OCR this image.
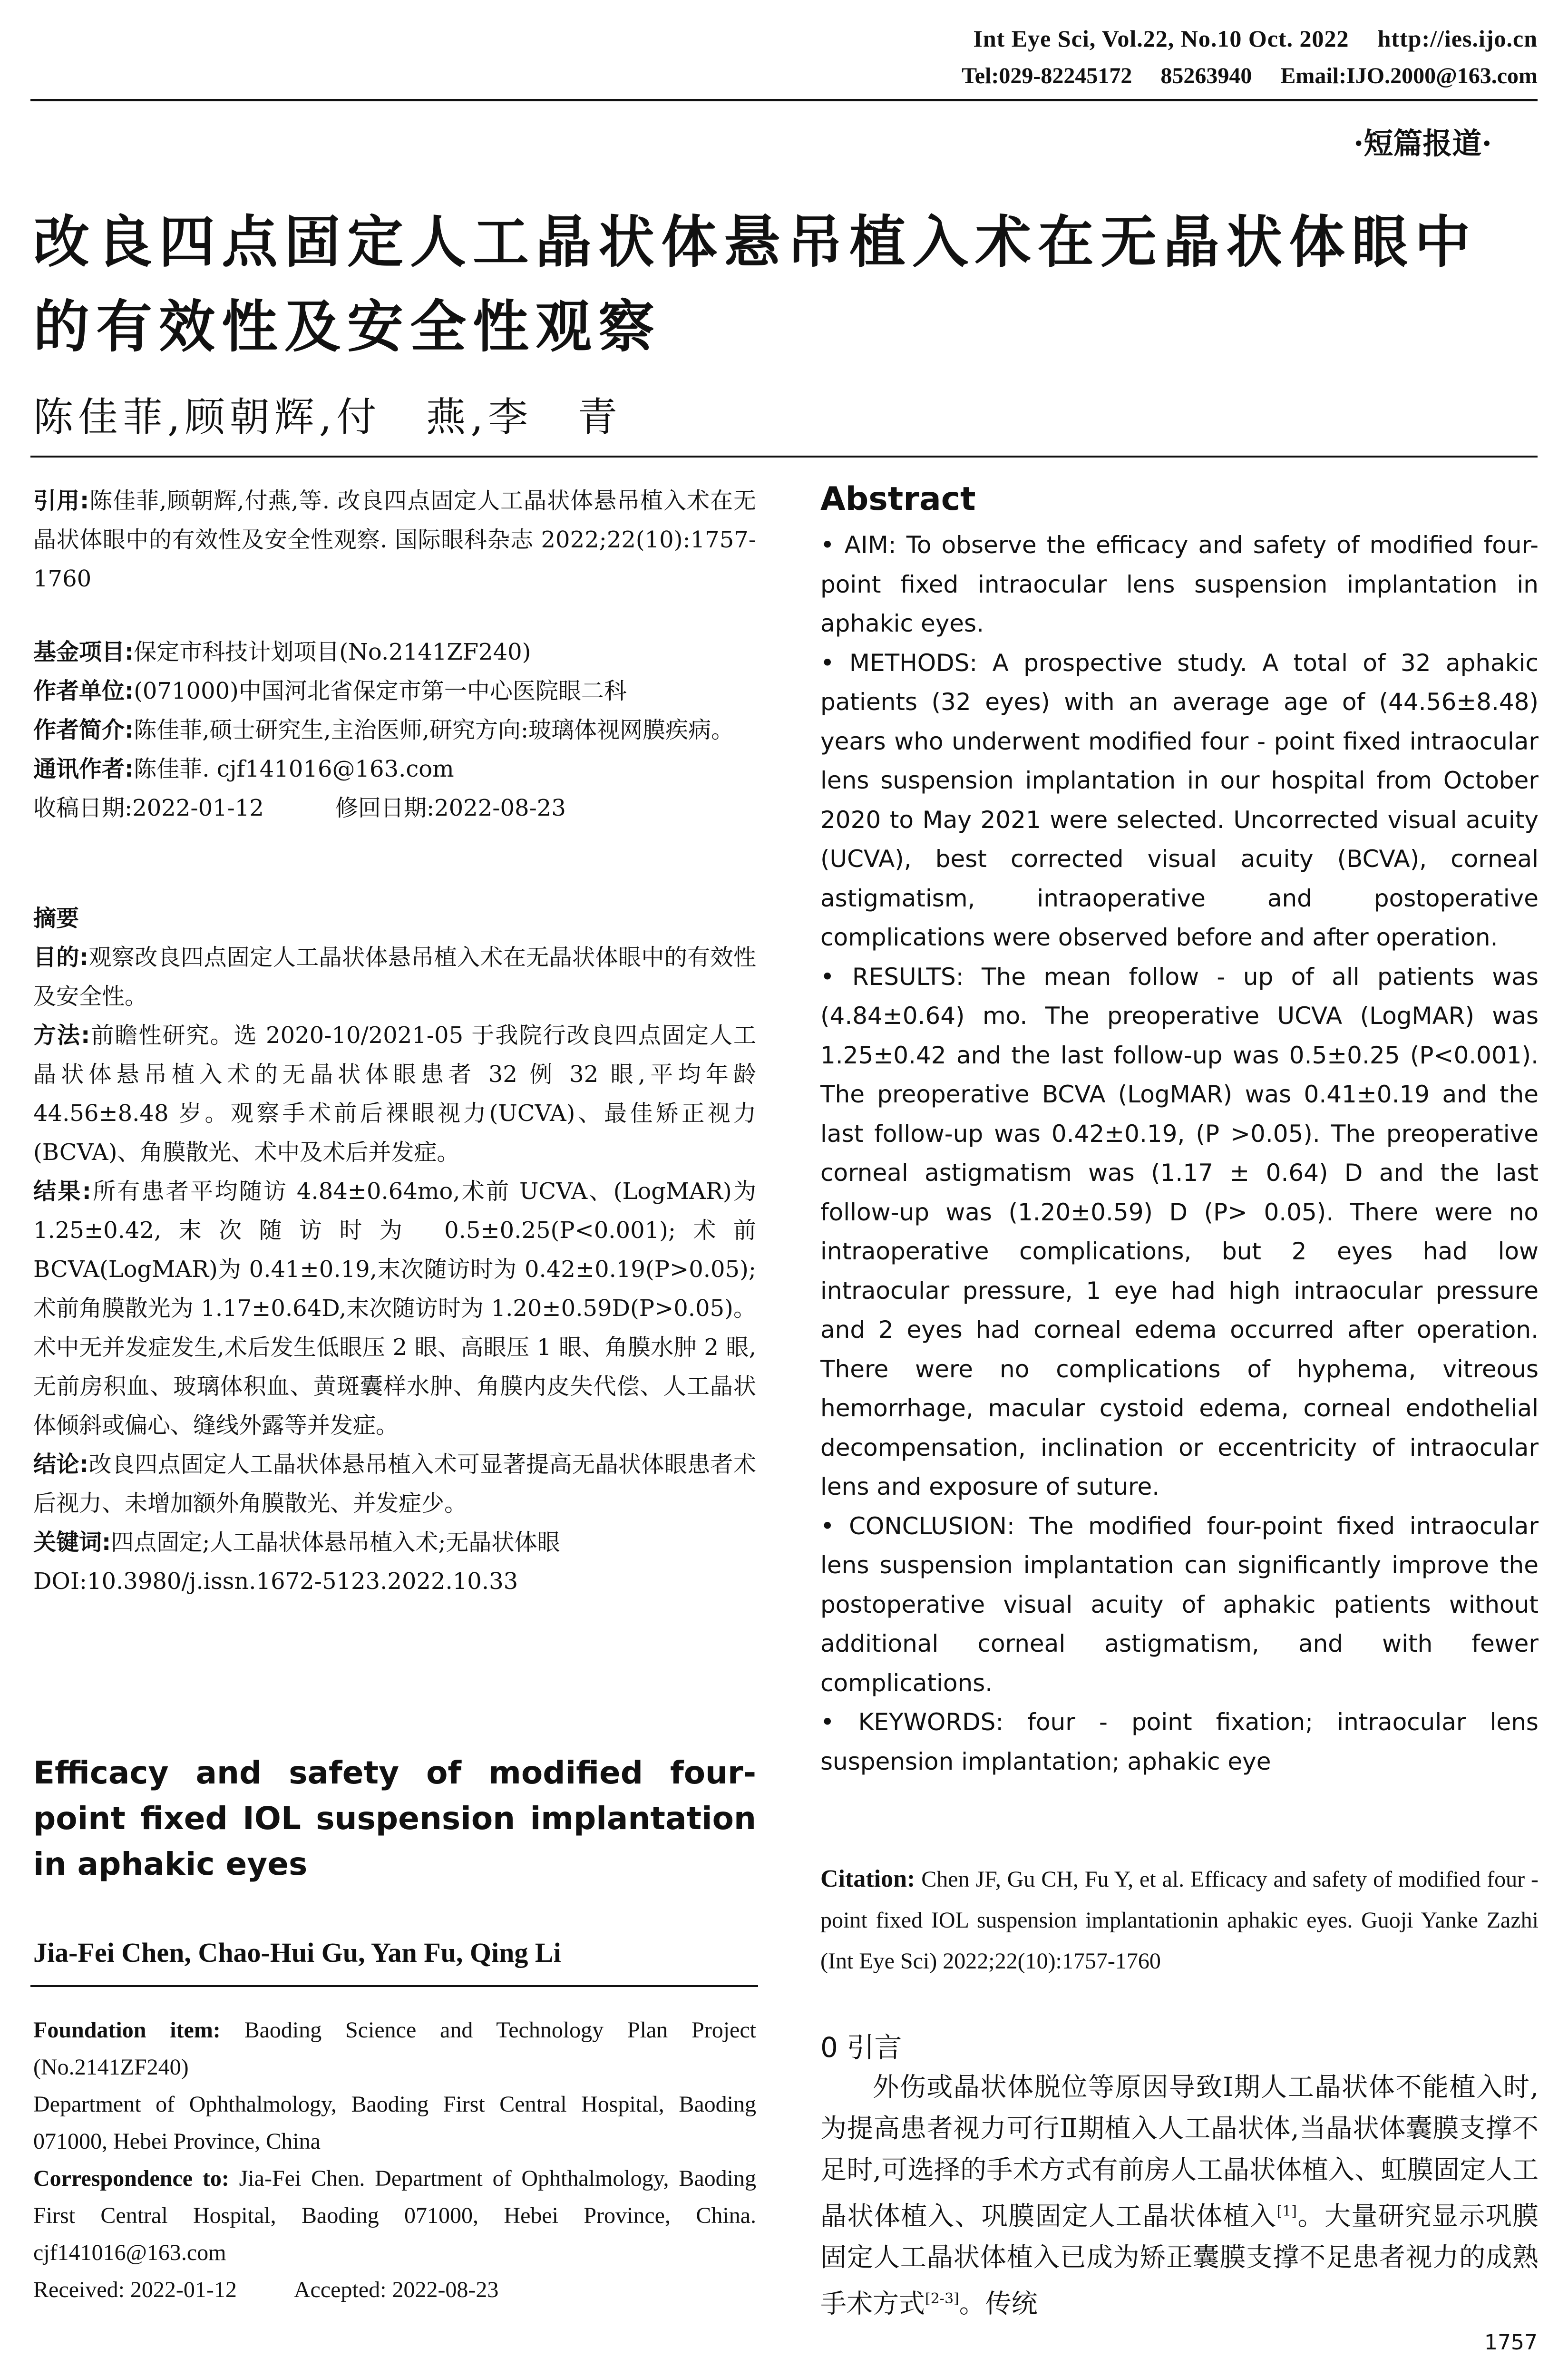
Int Eye Sci, Vol.22, No.10 Oct. 2022 http://ies.ijo.cn
Tel:029-82245172 85263940 Email:IJO.2000@163.com
·短篇报道·
改良四点固定人工晶状体悬吊植入术在无晶状体眼中的有效性及安全性观察
陈佳菲,顾朝辉,付　燕,李　青
引用:陈佳菲,顾朝辉,付燕,等. 改良四点固定人工晶状体悬吊植入术在无晶状体眼中的有效性及安全性观察. 国际眼科杂志 2022;22(10):1757-1760
基金项目:保定市科技计划项目(No.2141ZF240)
作者单位:(071000)中国河北省保定市第一中心医院眼二科
作者简介:陈佳菲,硕士研究生,主治医师,研究方向:玻璃体视网膜疾病。
通讯作者:陈佳菲. cjf141016@163.com
收稿日期:2022-01-12	修回日期:2022-08-23
摘要
目的:观察改良四点固定人工晶状体悬吊植入术在无晶状体眼中的有效性及安全性。
方法:前瞻性研究。选 2020-10/2021-05 于我院行改良四点固定人工晶状体悬吊植入术的无晶状体眼患者 32 例 32 眼,平均年龄 44.56±8.48 岁。观察手术前后裸眼视力(UCVA)、最佳矫正视力(BCVA)、角膜散光、术中及术后并发症。
结果:所有患者平均随访 4.84±0.64mo,术前 UCVA、(LogMAR)为 1.25±0.42,末次随访时为 0.5±0.25(P<0.001);术前 BCVA(LogMAR)为 0.41±0.19,末次随访时为 0.42±0.19(P>0.05);术前角膜散光为 1.17±0.64D,末次随访时为 1.20±0.59D(P>0.05)。术中无并发症发生,术后发生低眼压 2 眼、高眼压 1 眼、角膜水肿 2 眼,无前房积血、玻璃体积血、黄斑囊样水肿、角膜内皮失代偿、人工晶状体倾斜或偏心、缝线外露等并发症。
结论:改良四点固定人工晶状体悬吊植入术可显著提高无晶状体眼患者术后视力、未增加额外角膜散光、并发症少。
关键词:四点固定;人工晶状体悬吊植入术;无晶状体眼
DOI:10.3980/j.issn.1672-5123.2022.10.33
Efficacy and safety of modified four-point fixed IOL suspension implantation in aphakic eyes
Jia-Fei Chen, Chao-Hui Gu, Yan Fu, Qing Li
Foundation item: Baoding Science and Technology Plan Project (No.2141ZF240)
Department of Ophthalmology, Baoding First Central Hospital, Baoding 071000, Hebei Province, China
Correspondence to: Jia-Fei Chen. Department of Ophthalmology, Baoding First Central Hospital, Baoding 071000, Hebei Province, China. cjf141016@163.com
Received: 2022-01-12	Accepted: 2022-08-23
Abstract

• AIM: To observe the efficacy and safety of modified four-point fixed intraocular lens suspension implantation in aphakic eyes.

• METHODS: A prospective study. A total of 32 aphakic patients (32 eyes) with an average age of (44.56±8.48) years who underwent modified four - point fixed intraocular lens suspension implantation in our hospital from October 2020 to May 2021 were selected. Uncorrected visual acuity (UCVA), best corrected visual acuity (BCVA), corneal astigmatism, intraoperative and postoperative complications were observed before and after operation.

• RESULTS: The mean follow - up of all patients was (4.84±0.64) mo. The preoperative UCVA (LogMAR) was 1.25±0.42 and the last follow-up was 0.5±0.25 (P<0.001). The preoperative BCVA (LogMAR) was 0.41±0.19 and the last follow-up was 0.42±0.19, (P >0.05). The preoperative corneal astigmatism was (1.17 ± 0.64) D and the last follow-up was (1.20±0.59) D (P> 0.05). There were no intraoperative complications, but 2 eyes had low intraocular pressure, 1 eye had high intraocular pressure and 2 eyes had corneal edema occurred after operation. There were no complications of hyphema, vitreous hemorrhage, macular cystoid edema, corneal endothelial decompensation, inclination or eccentricity of intraocular lens and exposure of suture.

• CONCLUSION: The modified four-point fixed intraocular lens suspension implantation can significantly improve the postoperative visual acuity of aphakic patients without additional corneal astigmatism, and with fewer complications.

• KEYWORDS: four - point fixation; intraocular lens suspension implantation; aphakic eye

Citation: Chen JF, Gu CH, Fu Y, et al. Efficacy and safety of modified four - point fixed IOL suspension implantationin aphakic eyes. Guoji Yanke Zazhi (Int Eye Sci) 2022;22(10):1757-1760
0 引言

外伤或晶状体脱位等原因导致Ⅰ期人工晶状体不能植入时,为提高患者视力可行Ⅱ期植入人工晶状体,当晶状体囊膜支撑不足时,可选择的手术方式有前房人工晶状体植入、虹膜固定人工晶状体植入、巩膜固定人工晶状体植入[1]。大量研究显示巩膜固定人工晶状体植入已成为矫正囊膜支撑不足患者视力的成熟手术方式[2-3]。传统

1757
